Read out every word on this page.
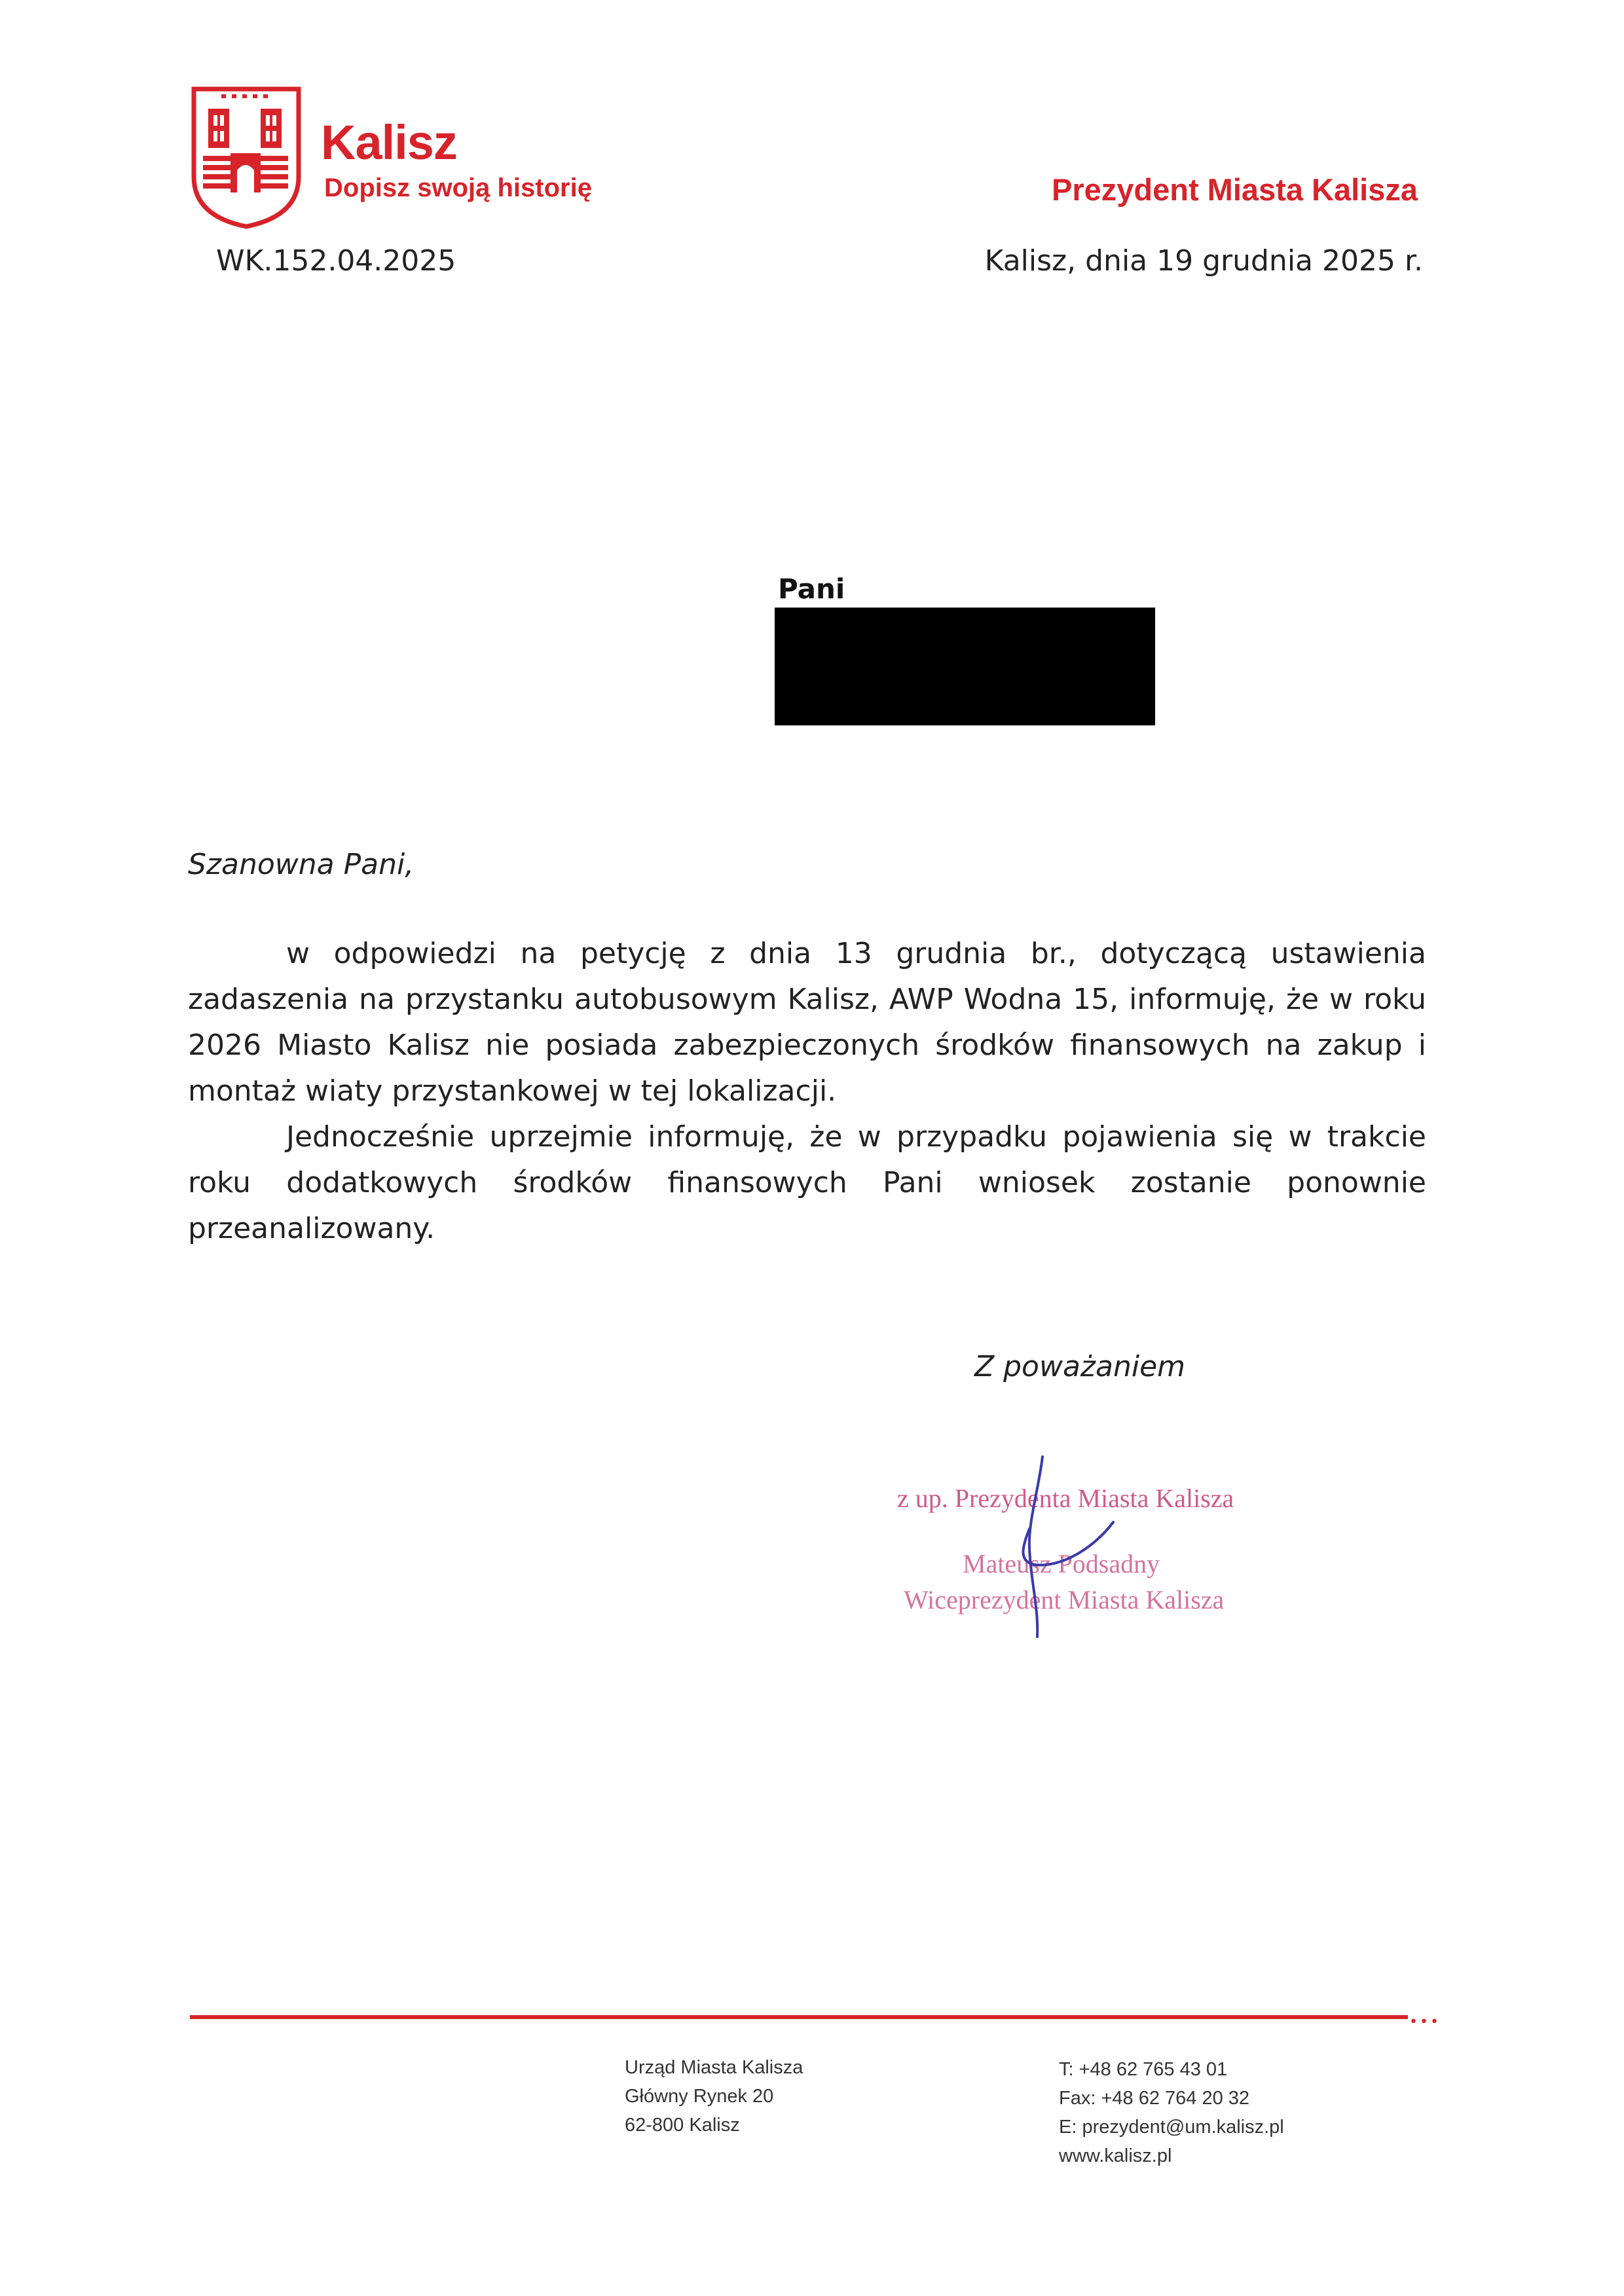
Kalisz
Dopisz swoją historię	Prezydent Miasta Kalisza
WK.152.04.2025	Kalisz, dnia 19 grudnia 2025 r.
Pani
Szanowna Pani,

w odpowiedzi na petycję z dnia 13 grudnia br., dotyczącą ustawienia zadaszenia na przystanku autobusowym Kalisz, AWP Wodna 15, informuję, że w roku 2026 Miasto Kalisz nie posiada zabezpieczonych środków finansowych na zakup i montaż wiaty przystankowej w tej lokalizacji.

Jednocześnie uprzejmie informuję, że w przypadku pojawienia się w trakcie roku dodatkowych środków finansowych Pani wniosek zostanie ponownie przeanalizowany.

Z poważaniem
z up. Prezydenta Miasta Kalisza
Mateusz Podsadny
Wiceprezydent Miasta Kalisza
•••
Urząd Miasta Kalisza
Główny Rynek 20
62-800 Kalisz
T: +48 62 765 43 01
Fax: +48 62 764 20 32
E: prezydent@um.kalisz.pl
www.kalisz.pl
